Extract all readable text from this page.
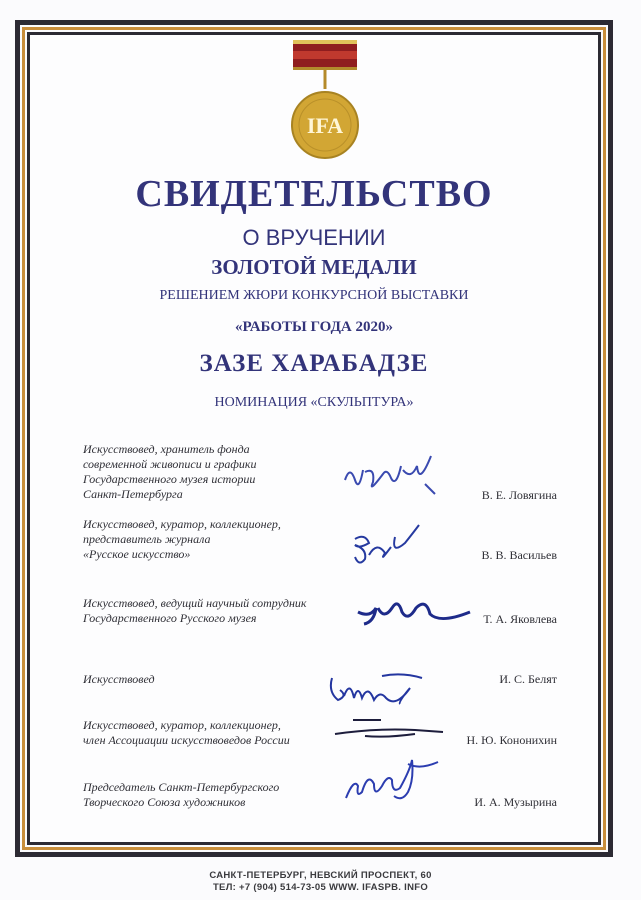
IFA

СВИДЕТЕЛЬСТВО

О ВРУЧЕНИИ

ЗОЛОТОЙ МЕДАЛИ

РЕШЕНИЕМ ЖЮРИ КОНКУРСНОЙ ВЫСТАВКИ

«РАБОТЫ ГОДА 2020»

ЗАЗЕ ХАРАБАДЗЕ

НОМИНАЦИЯ «СКУЛЬПТУРА»

Искусствовед, хранитель фонда
современной живописи и графики
Государственного музея истории
Санкт-Петербурга	В. Е. Ловягина
Искусствовед, куратор, коллекционер,
представитель журнала
«Русское искусство»	В. В. Васильев
Искусствовед, ведущий научный сотрудник
Государственного Русского музея	Т. А. Яковлева
Искусствовед	И. С. Белят
Искусствовед, куратор, коллекционер,
член Ассоциации искусствоведов России	Н. Ю. Кононихин
Председатель Санкт-Петербургского
Творческого Союза художников	И. А. Музырина
САНКТ-ПЕТЕРБУРГ, НЕВСКИЙ ПРОСПЕКТ, 60
ТЕЛ: +7 (904) 514-73-05 WWW. IFASPB. INFO
